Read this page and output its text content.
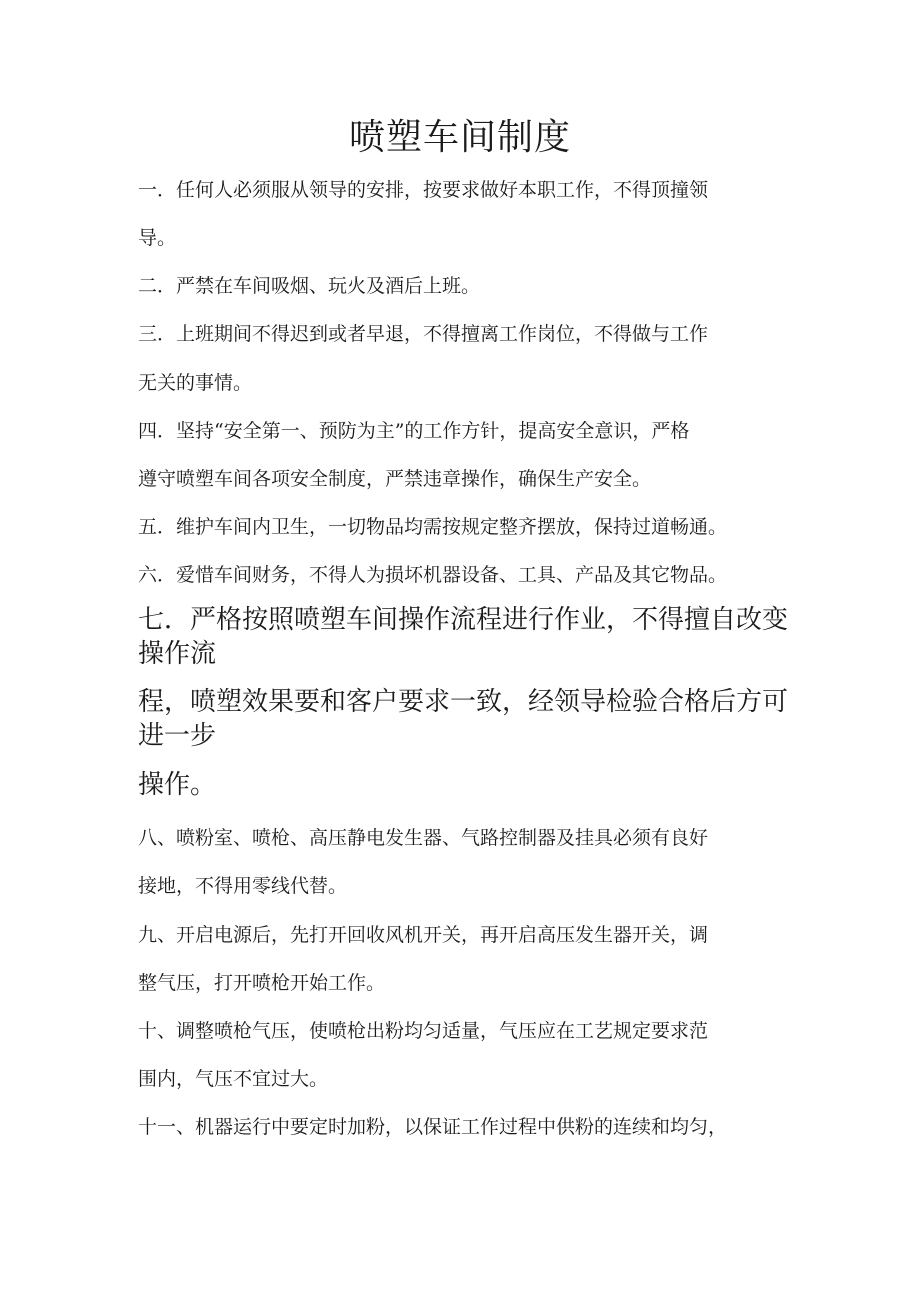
喷塑车间制度

一．任何人必须服从领导的安排，按要求做好本职工作，不得顶撞领

导。

二．严禁在车间吸烟、玩火及酒后上班。

三．上班期间不得迟到或者早退，不得擅离工作岗位，不得做与工作

无关的事情。

四．坚持“安全第一、预防为主”的工作方针，提高安全意识，严格

遵守喷塑车间各项安全制度，严禁违章操作，确保生产安全。

五．维护车间内卫生，一切物品均需按规定整齐摆放，保持过道畅通。

六．爱惜车间财务，不得人为损坏机器设备、工具、产品及其它物品。

七．严格按照喷塑车间操作流程进行作业，不得擅自改变

操作流

程，喷塑效果要和客户要求一致，经领导检验合格后方可

进一步

操作。

八、喷粉室、喷枪、高压静电发生器、气路控制器及挂具必须有良好

接地，不得用零线代替。

九、开启电源后，先打开回收风机开关，再开启高压发生器开关，调

整气压，打开喷枪开始工作。

十、调整喷枪气压，使喷枪出粉均匀适量，气压应在工艺规定要求范

围内，气压不宜过大。

十一、机器运行中要定时加粉，以保证工作过程中供粉的连续和均匀，
